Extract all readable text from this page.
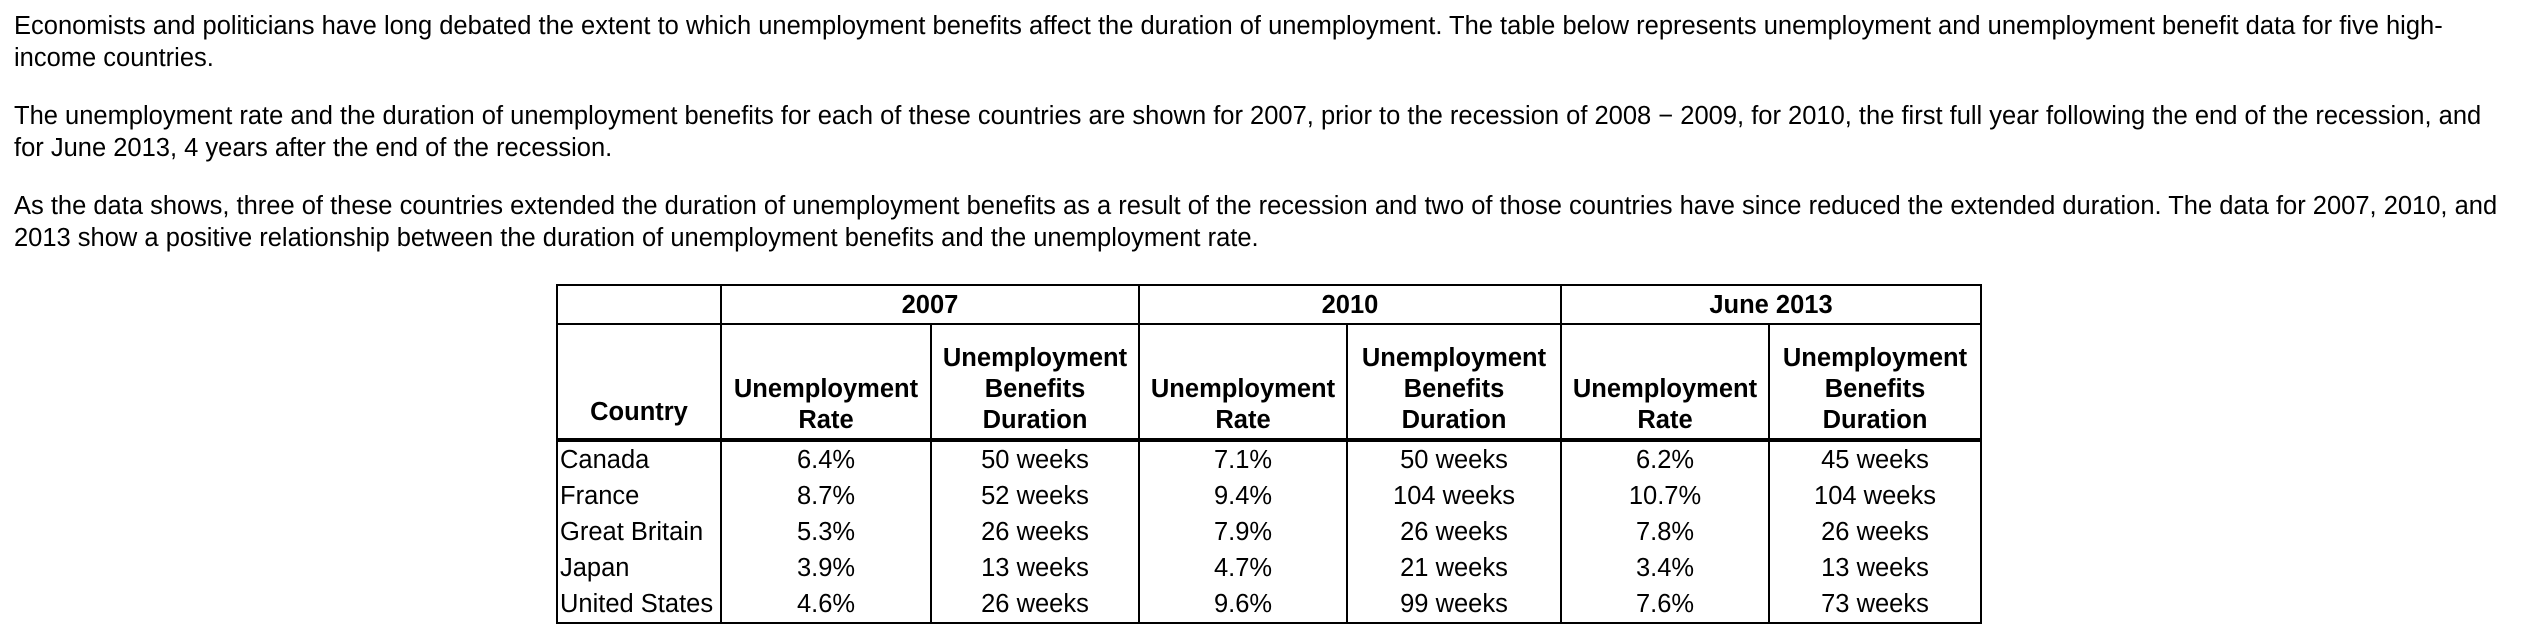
Economists and politicians have long debated the extent to which unemployment benefits affect the duration of unemployment. The table below represents unemployment and unemployment benefit data for five high-income countries.

The unemployment rate and the duration of unemployment benefits for each of these countries are shown for 2007, prior to the recession of 2008 − 2009, for 2010, the first full year following the end of the recession, and for June 2013, 4 years after the end of the recession.

As the data shows, three of these countries extended the duration of unemployment benefits as a result of the recession and two of those countries have since reduced the extended duration. The data for 2007, 2010, and 2013 show a positive relationship between the duration of unemployment benefits and the unemployment rate.

	2007		2010		June 2013	
Country	Unemployment Rate	Unemployment Benefits Duration	Unemployment Rate	Unemployment Benefits Duration	Unemployment Rate	Unemployment Benefits Duration
Canada	6.4%	50 weeks	7.1%	50 weeks	6.2%	45 weeks
France	8.7%	52 weeks	9.4%	104 weeks	10.7%	104 weeks
Great Britain	5.3%	26 weeks	7.9%	26 weeks	7.8%	26 weeks
Japan	3.9%	13 weeks	4.7%	21 weeks	3.4%	13 weeks
United States	4.6%	26 weeks	9.6%	99 weeks	7.6%	73 weeks
